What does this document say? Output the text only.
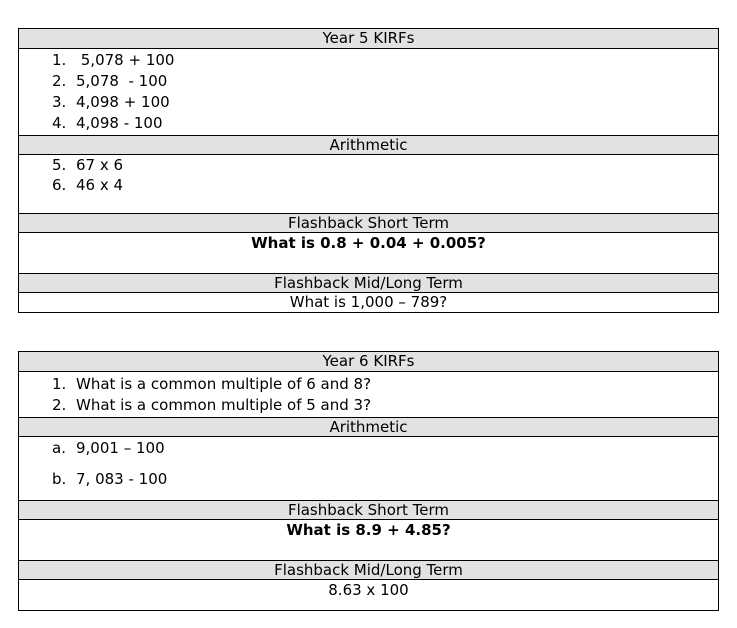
Year 5 KIRFs
1. 5,078 + 100
2. 5,078  - 100
3. 4,098 + 100
4. 4,098 - 100
Arithmetic
5. 67 x 6
6. 46 x 4
Flashback Short Term
What is 0.8 + 0.04 + 0.005?
Flashback Mid/Long Term
What is 1,000 – 789?
Year 6 KIRFs
1. What is a common multiple of 6 and 8?
2. What is a common multiple of 5 and 3?
Arithmetic
a. 9,001 – 100
b. 7, 083 - 100
Flashback Short Term
What is 8.9 + 4.85?
Flashback Mid/Long Term
8.63 x 100
